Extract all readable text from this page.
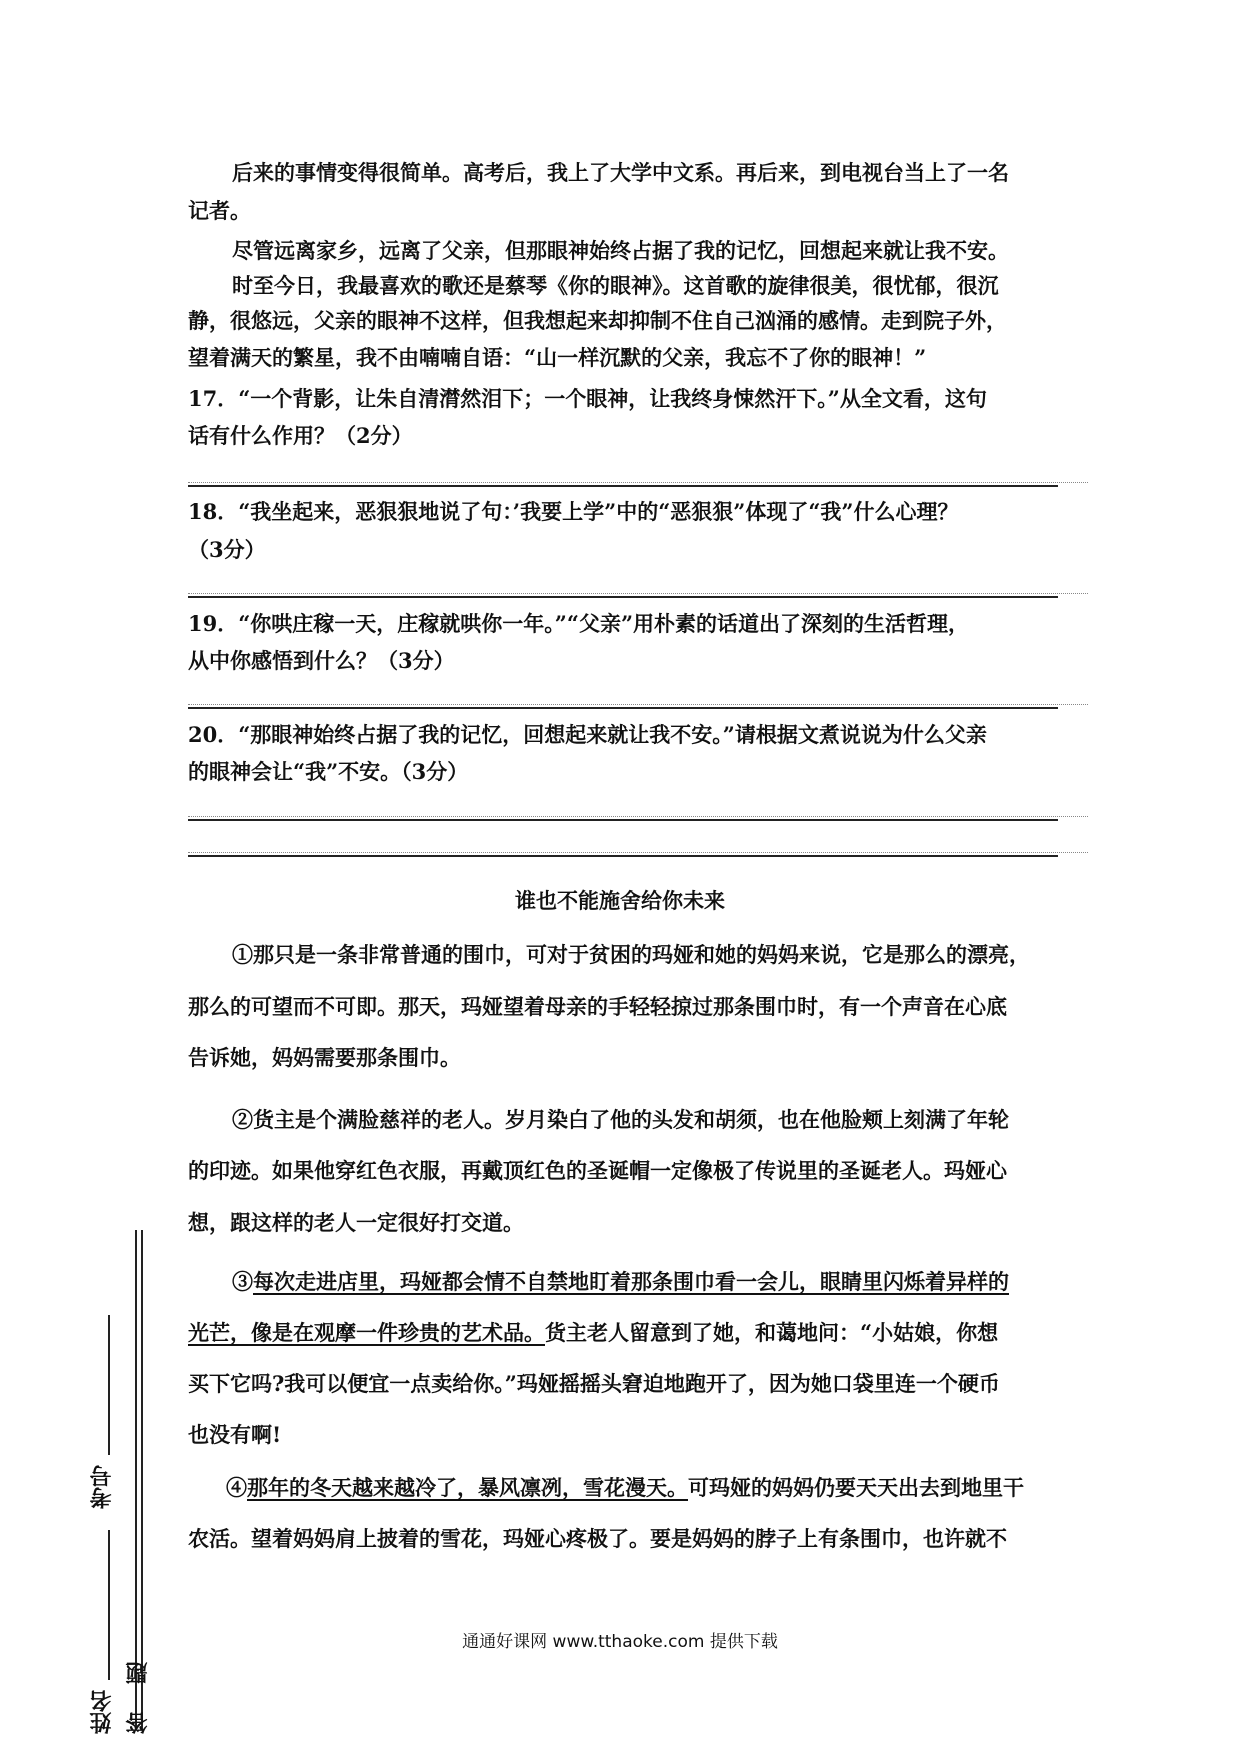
后来的事情变得很简单。高考后，我上了大学中文系。再后来，到电视台当上了一名
记者。
尽管远离家乡，远离了父亲，但那眼神始终占据了我的记忆，回想起来就让我不安。
时至今日，我最喜欢的歌还是蔡琴《你的眼神》。这首歌的旋律很美，很忧郁，很沉
静，很悠远，父亲的眼神不这样，但我想起来却抑制不住自己汹涌的感情。走到院子外，
望着满天的繁星，我不由喃喃自语：“山一样沉默的父亲，我忘不了你的眼神！”
17．“一个背影，让朱自清潸然泪下；一个眼神，让我终身悚然汗下。”从全文看，这句
话有什么作用？（2分）
18．“我坐起来，恶狠狠地说了句：’我要上学”中的“恶狠狠”体现了“我”什么心理？
（3分）
19．“你哄庄稼一天，庄稼就哄你一年。”“父亲”用朴素的话道出了深刻的生活哲理，
从中你感悟到什么？（3分）
20．“那眼神始终占据了我的记忆，回想起来就让我不安。”请根据文煮说说为什么父亲
的眼神会让“我”不安。（3分）
谁也不能施舍给你未来
①那只是一条非常普通的围巾，可对于贫困的玛娅和她的妈妈来说，它是那么的漂亮，
那么的可望而不可即。那天，玛娅望着母亲的手轻轻掠过那条围巾时，有一个声音在心底
告诉她，妈妈需要那条围巾。
②货主是个满脸慈祥的老人。岁月染白了他的头发和胡须，也在他脸颊上刻满了年轮
的印迹。如果他穿红色衣服，再戴顶红色的圣诞帽一定像极了传说里的圣诞老人。玛娅心
想，跟这样的老人一定很好打交道。
③每次走进店里，玛娅都会情不自禁地盯着那条围巾看一会儿，眼睛里闪烁着异样的
光芒，像是在观摩一件珍贵的艺术品。货主老人留意到了她，和蔼地问：“小姑娘，你想
买下它吗?我可以便宜一点卖给你。”玛娅摇摇头窘迫地跑开了，因为她口袋里连一个硬币
也没有啊!
④那年的冬天越来越冷了，暴风凛冽，雪花漫天。可玛娅的妈妈仍要天天出去到地里干
农活。望着妈妈肩上披着的雪花，玛娅心疼极了。要是妈妈的脖子上有条围巾，也许就不
通通好课网 www.tthaoke.com 提供下载
考号
姓名 答
题
